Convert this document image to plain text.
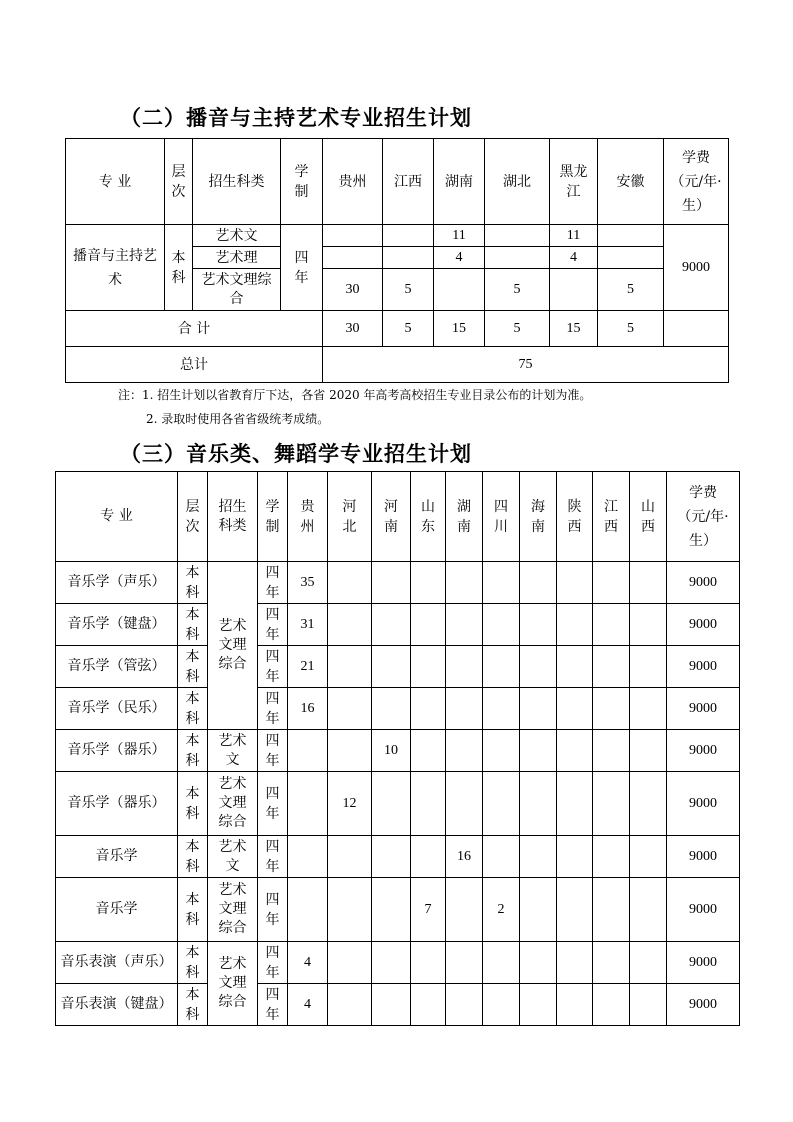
（二）播音与主持艺术专业招生计划
专 业	层次	招生科类	学制	贵州	江西	湖南	湖北	黑龙江	安徽	学费（元/年·生）
播音与主持艺术	本科	艺术文	四年			11		11		9000
		艺术理				4		4		
		艺术文理综合		30	5		5		5	
合 计				30	5	15	5	15	5	
总计				75						
注：1. 招生计划以省教育厅下达，各省 2020 年高考高校招生专业目录公布的计划为准。
2. 录取时使用各省省级统考成绩。
（三）音乐类、舞蹈学专业招生计划
专 业	层次	招生科类	学制	贵州	河北	河南	山东	湖南	四川	海南	陕西	江西	山西	学费（元/年·生）
音乐学（声乐）	本科	艺术文理综合	四年	35										9000
音乐学（键盘）	本科		四年	31										9000
音乐学（管弦）	本科		四年	21										9000
音乐学（民乐）	本科		四年	16										9000
音乐学（器乐）	本科	艺术文	四年			10								9000
音乐学（器乐）	本科	艺术文理综合	四年		12									9000
音乐学	本科	艺术文	四年					16						9000
音乐学	本科	艺术文理综合	四年				7		2					9000
音乐表演（声乐）	本科	艺术文理综合	四年	4										9000
音乐表演（键盘）	本科		四年	4										9000
